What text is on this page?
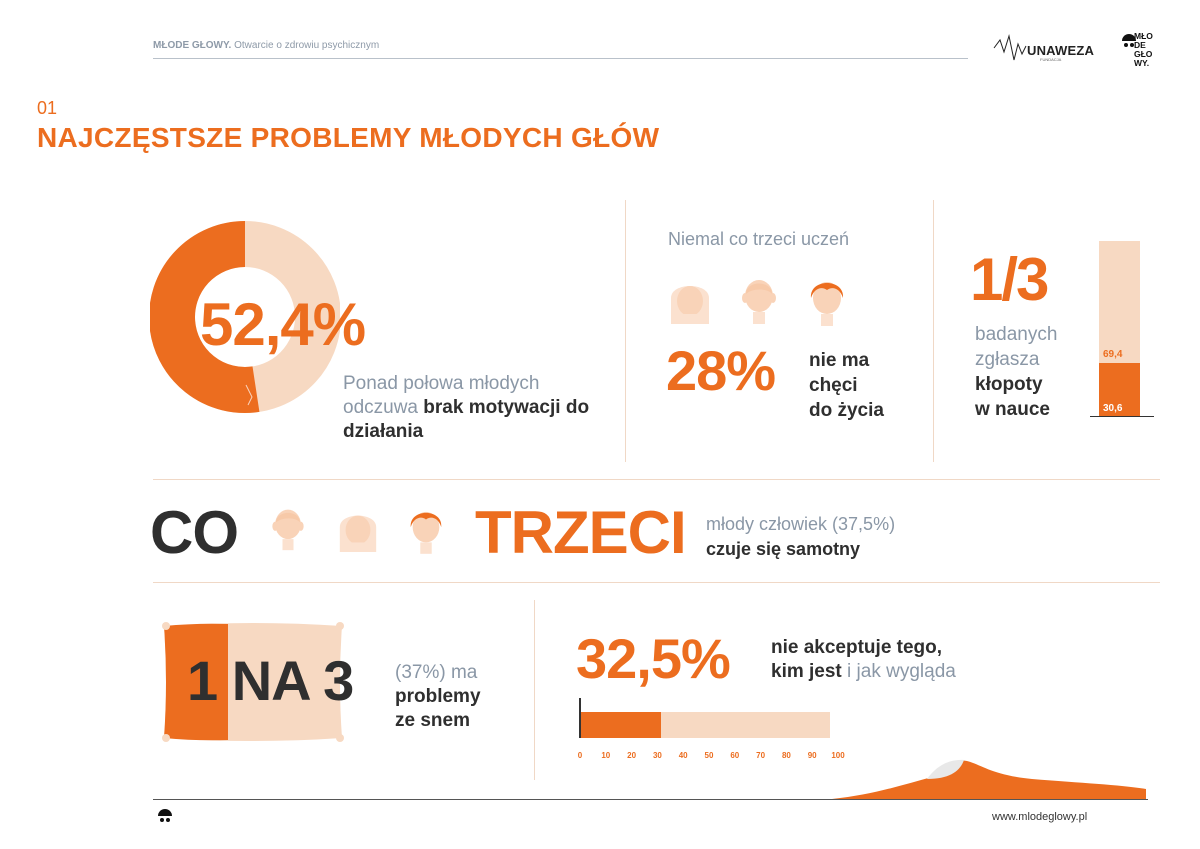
MŁODE GŁOWY. Otwarcie o zdrowiu psychicznym	UNAWEZA
FUNDACJA
MŁO
DE
GŁO
WY.
01
NAJCZĘSTSZE PROBLEMY MŁODYCH GŁÓW
52,4%
Ponad połowa młodych odczuwa brak motywacji do działania
Niemal co trzeci uczeń
28% nie ma
chęci
do życia
1/3
badanych
zgłasza
kłopoty
w nauce
69,4
30,6
CO	TRZECI młody człowiek (37,5%)
czuje się samotny
1 NA 3 (37%) ma
problemy
ze snem
32,5% nie akceptuje tego,
kim jest i jak wygląda
0 10 20 30 40 50 60 70 80 90 100
www.mlodeglowy.pl
